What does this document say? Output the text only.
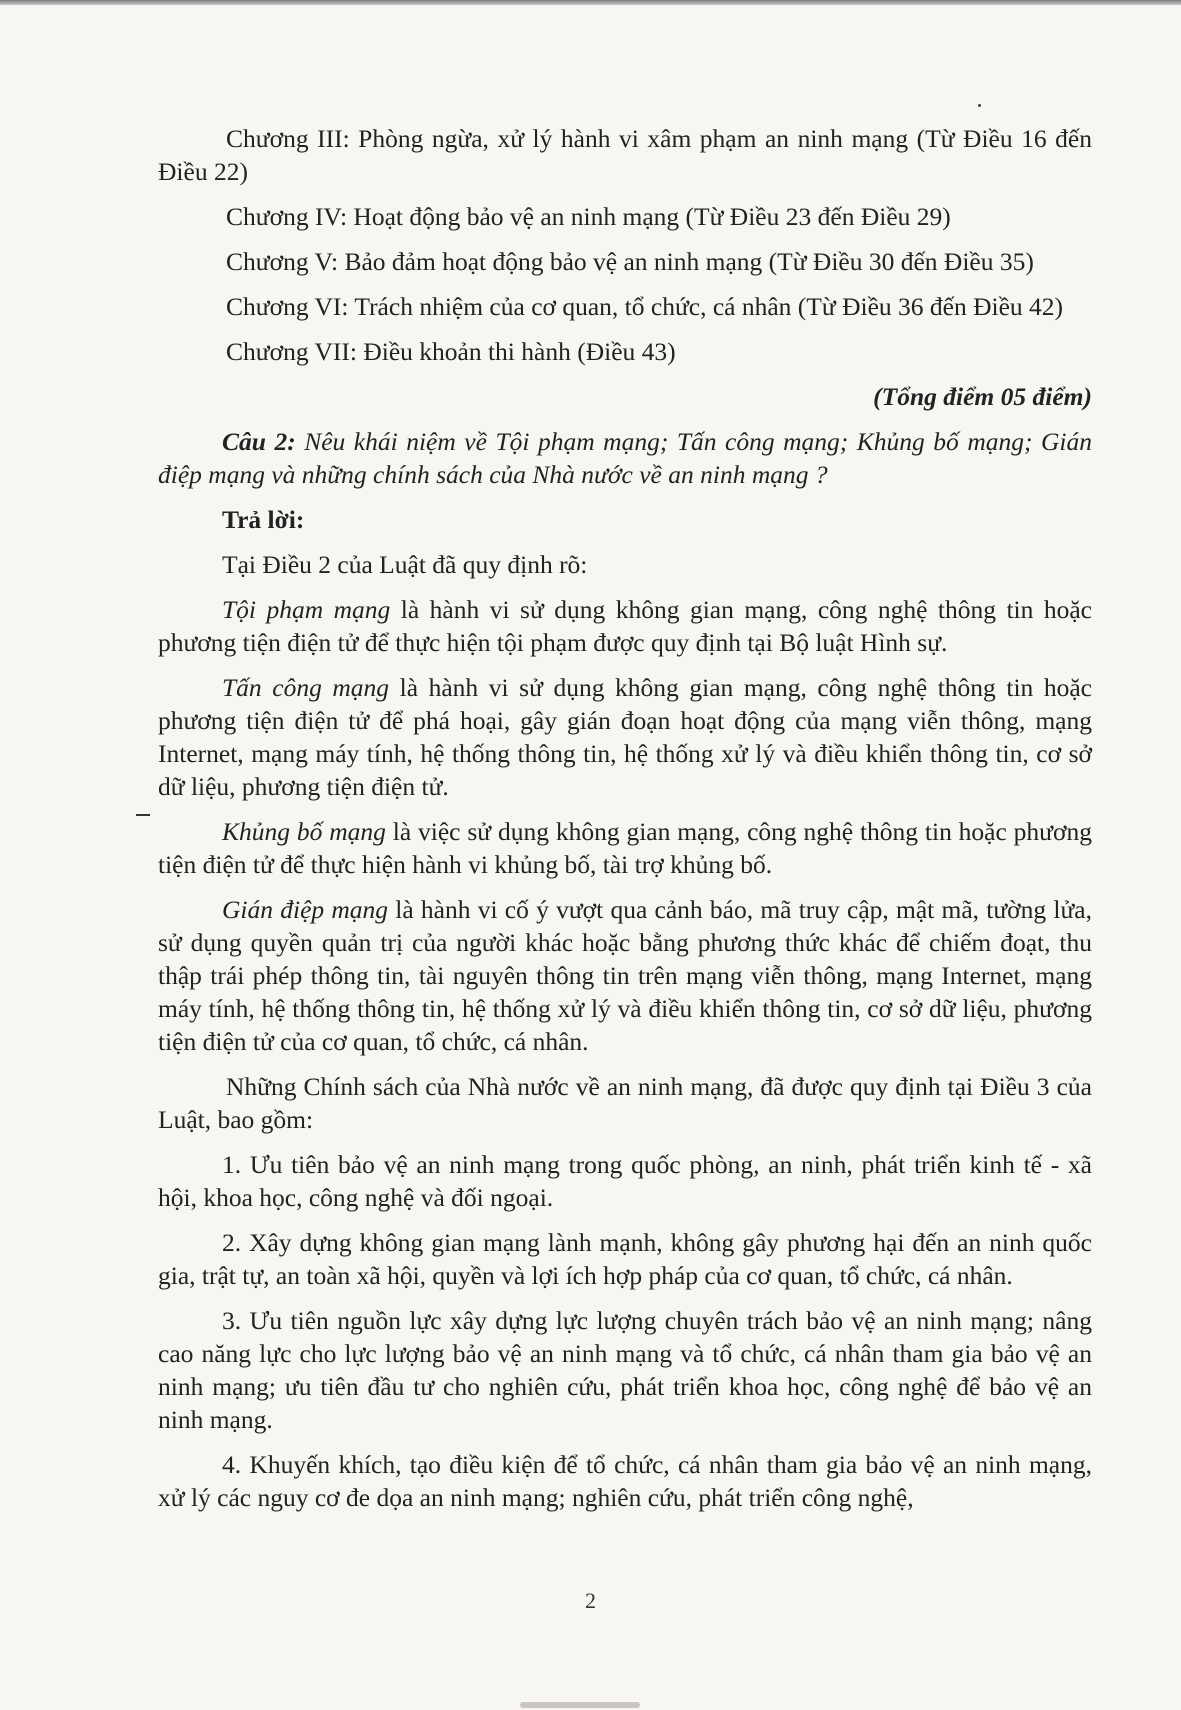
Chương III: Phòng ngừa, xử lý hành vi xâm phạm an ninh mạng (Từ Điều 16 đến Điều 22)

Chương IV: Hoạt động bảo vệ an ninh mạng (Từ Điều 23 đến Điều 29)

Chương V: Bảo đảm hoạt động bảo vệ an ninh mạng (Từ Điều 30 đến Điều 35)

Chương VI: Trách nhiệm của cơ quan, tổ chức, cá nhân (Từ Điều 36 đến Điều 42)

Chương VII: Điều khoản thi hành (Điều 43)

(Tổng điểm 05 điểm)

Câu 2: Nêu khái niệm về Tội phạm mạng; Tấn công mạng; Khủng bố mạng; Gián điệp mạng và những chính sách của Nhà nước về an ninh mạng ?

Trả lời:

Tại Điều 2 của Luật đã quy định rõ:

Tội phạm mạng là hành vi sử dụng không gian mạng, công nghệ thông tin hoặc phương tiện điện tử để thực hiện tội phạm được quy định tại Bộ luật Hình sự.

Tấn công mạng là hành vi sử dụng không gian mạng, công nghệ thông tin hoặc phương tiện điện tử để phá hoại, gây gián đoạn hoạt động của mạng viễn thông, mạng Internet, mạng máy tính, hệ thống thông tin, hệ thống xử lý và điều khiển thông tin, cơ sở dữ liệu, phương tiện điện tử.

Khủng bố mạng là việc sử dụng không gian mạng, công nghệ thông tin hoặc phương tiện điện tử để thực hiện hành vi khủng bố, tài trợ khủng bố.

Gián điệp mạng là hành vi cố ý vượt qua cảnh báo, mã truy cập, mật mã, tường lửa, sử dụng quyền quản trị của người khác hoặc bằng phương thức khác để chiếm đoạt, thu thập trái phép thông tin, tài nguyên thông tin trên mạng viễn thông, mạng Internet, mạng máy tính, hệ thống thông tin, hệ thống xử lý và điều khiển thông tin, cơ sở dữ liệu, phương tiện điện tử của cơ quan, tổ chức, cá nhân.

Những Chính sách của Nhà nước về an ninh mạng, đã được quy định tại Điều 3 của Luật, bao gồm:

1. Ưu tiên bảo vệ an ninh mạng trong quốc phòng, an ninh, phát triển kinh tế - xã hội, khoa học, công nghệ và đối ngoại.

2. Xây dựng không gian mạng lành mạnh, không gây phương hại đến an ninh quốc gia, trật tự, an toàn xã hội, quyền và lợi ích hợp pháp của cơ quan, tổ chức, cá nhân.

3. Ưu tiên nguồn lực xây dựng lực lượng chuyên trách bảo vệ an ninh mạng; nâng cao năng lực cho lực lượng bảo vệ an ninh mạng và tổ chức, cá nhân tham gia bảo vệ an ninh mạng; ưu tiên đầu tư cho nghiên cứu, phát triển khoa học, công nghệ để bảo vệ an ninh mạng.

4. Khuyến khích, tạo điều kiện để tổ chức, cá nhân tham gia bảo vệ an ninh mạng, xử lý các nguy cơ đe dọa an ninh mạng; nghiên cứu, phát triển công nghệ,

2
